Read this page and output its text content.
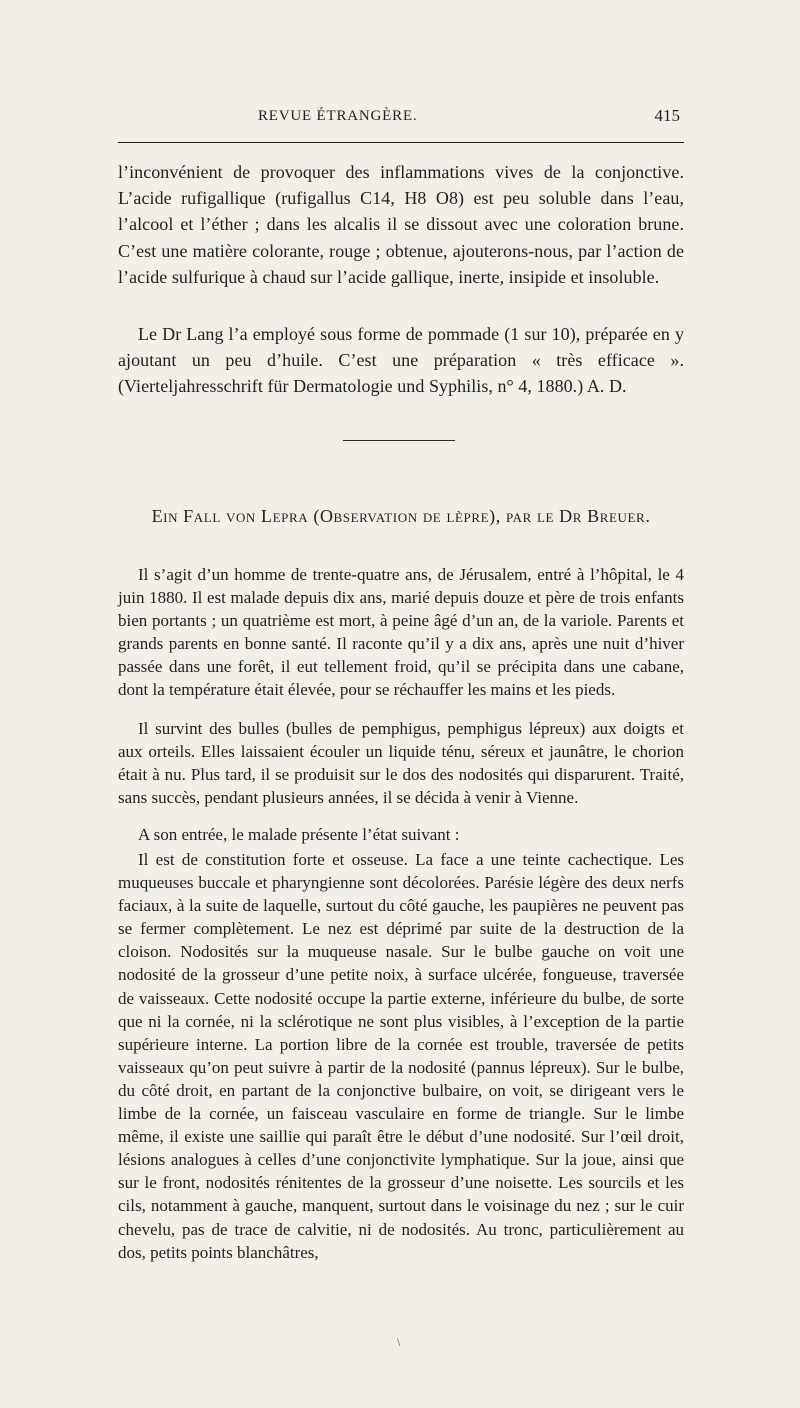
REVUE ÉTRANGÈRE.	415
l’inconvénient de provoquer des inflammations vives de la conjonctive. L’acide rufigallique (rufigallus C14, H8 O8) est peu soluble dans l’eau, l’alcool et l’éther ; dans les alcalis il se dissout avec une coloration brune. C’est une matière colorante, rouge ; obtenue, ajouterons-nous, par l’action de l’acide sulfurique à chaud sur l’acide gallique, inerte, insipide et insoluble.
Le Dr Lang l’a employé sous forme de pommade (1 sur 10), préparée en y ajoutant un peu d’huile. C’est une préparation « très efficace ». (Vierteljahresschrift für Dermatologie und Syphilis, n° 4, 1880.) A. D.
Ein Fall von Lepra (Observation de lèpre), par le Dr Breuer.
Il s’agit d’un homme de trente-quatre ans, de Jérusalem, entré à l’hôpital, le 4 juin 1880. Il est malade depuis dix ans, marié depuis douze et père de trois enfants bien portants ; un quatrième est mort, à peine âgé d’un an, de la variole. Parents et grands parents en bonne santé. Il raconte qu’il y a dix ans, après une nuit d’hiver passée dans une forêt, il eut tellement froid, qu’il se précipita dans une cabane, dont la température était élevée, pour se réchauffer les mains et les pieds.
Il survint des bulles (bulles de pemphigus, pemphigus lépreux) aux doigts et aux orteils. Elles laissaient écouler un liquide ténu, séreux et jaunâtre, le chorion était à nu. Plus tard, il se produisit sur le dos des nodosités qui disparurent. Traité, sans succès, pendant plusieurs années, il se décida à venir à Vienne.
A son entrée, le malade présente l’état suivant :
Il est de constitution forte et osseuse. La face a une teinte cachectique. Les muqueuses buccale et pharyngienne sont décolorées. Parésie légère des deux nerfs faciaux, à la suite de laquelle, surtout du côté gauche, les paupières ne peuvent pas se fermer complètement. Le nez est déprimé par suite de la destruction de la cloison. Nodosités sur la muqueuse nasale. Sur le bulbe gauche on voit une nodosité de la grosseur d’une petite noix, à surface ulcérée, fongueuse, traversée de vaisseaux. Cette nodosité occupe la partie externe, inférieure du bulbe, de sorte que ni la cornée, ni la sclérotique ne sont plus visibles, à l’exception de la partie supérieure interne. La portion libre de la cornée est trouble, traversée de petits vaisseaux qu’on peut suivre à partir de la nodosité (pannus lépreux). Sur le bulbe, du côté droit, en partant de la conjonctive bulbaire, on voit, se dirigeant vers le limbe de la cornée, un faisceau vasculaire en forme de triangle. Sur le limbe même, il existe une saillie qui paraît être le début d’une nodosité. Sur l’œil droit, lésions analogues à celles d’une conjonctivite lymphatique. Sur la joue, ainsi que sur le front, nodosités rénitentes de la grosseur d’une noisette. Les sourcils et les cils, notamment à gauche, manquent, surtout dans le voisinage du nez ; sur le cuir chevelu, pas de trace de calvitie, ni de nodosités. Au tronc, particulièrement au dos, petits points blanchâtres,
\
